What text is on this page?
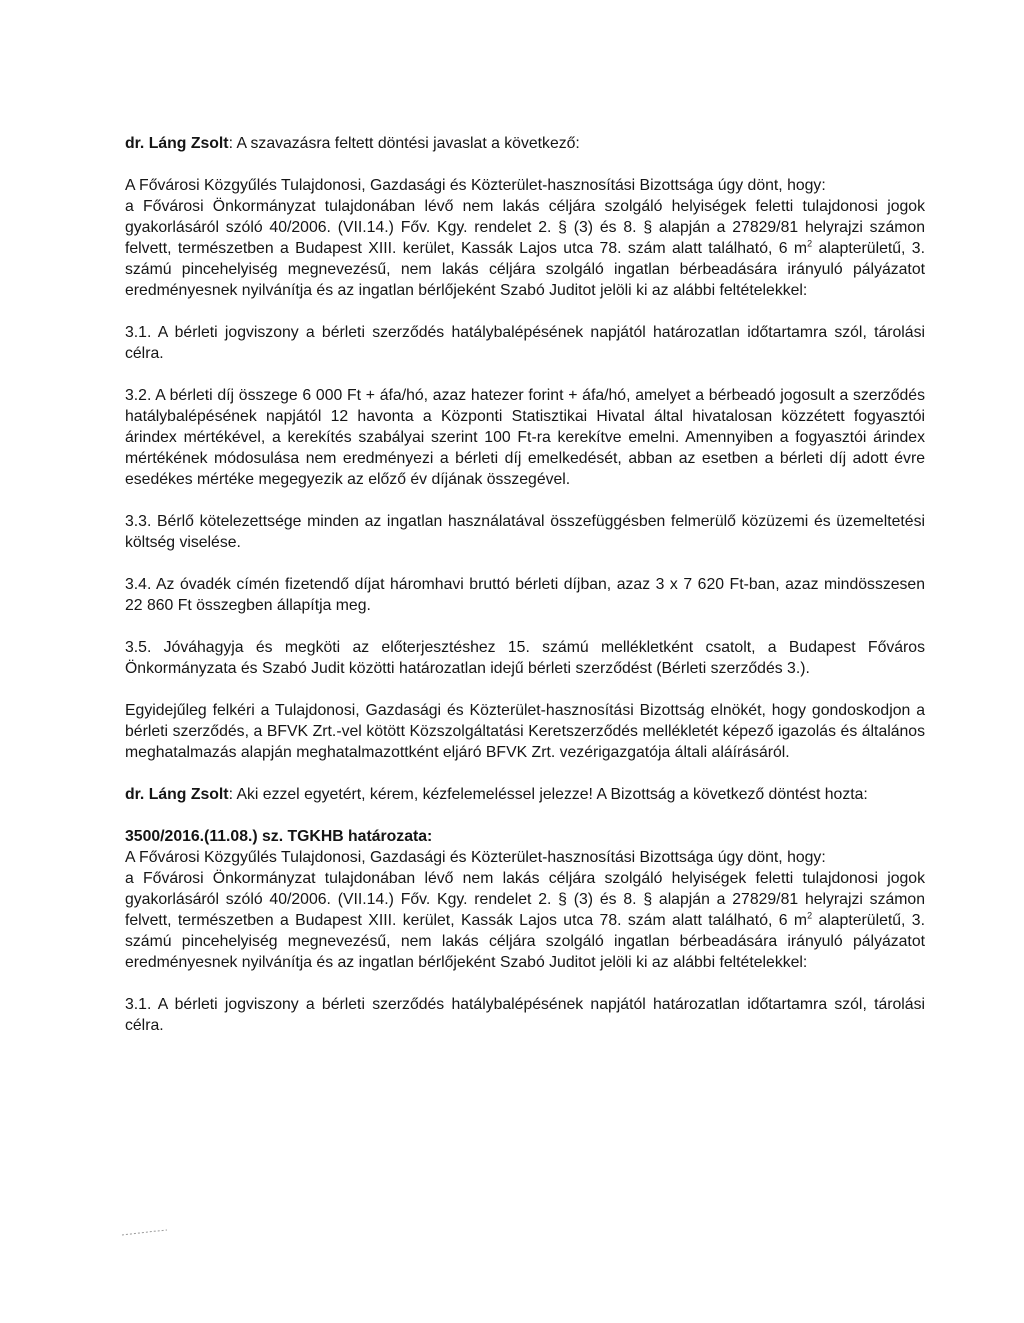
dr. Láng Zsolt: A szavazásra feltett döntési javaslat a következő:

A Fővárosi Közgyűlés Tulajdonosi, Gazdasági és Közterület-hasznosítási Bizottsága úgy dönt, hogy:

a Fővárosi Önkormányzat tulajdonában lévő nem lakás céljára szolgáló helyiségek feletti tulajdonosi jogok gyakorlásáról szóló 40/2006. (VII.14.) Főv. Kgy. rendelet 2. § (3) és 8. § alapján a 27829/81 helyrajzi számon felvett, természetben a Budapest XIII. kerület, Kassák Lajos utca 78. szám alatt található, 6 $m^2$ alapterületű, 3. számú pincehelyiség megnevezésű, nem lakás céljára szolgáló ingatlan bérbeadására irányuló pályázatot eredményesnek nyilvánítja és az ingatlan bérlőjeként Szabó Juditot jelöli ki az alábbi feltételekkel:

3.1. A bérleti jogviszony a bérleti szerződés hatálybalépésének napjától határozatlan időtartamra szól, tárolási célra.

3.2. A bérleti díj összege 6 000 Ft + áfa/hó, azaz hatezer forint + áfa/hó, amelyet a bérbeadó jogosult a szerződés hatálybalépésének napjától 12 havonta a Központi Statisztikai Hivatal által hivatalosan közzétett fogyasztói árindex mértékével, a kerekítés szabályai szerint 100 Ft-ra kerekítve emelni. Amennyiben a fogyasztói árindex mértékének módosulása nem eredményezi a bérleti díj emelkedését, abban az esetben a bérleti díj adott évre esedékes mértéke megegyezik az előző év díjának összegével.

3.3. Bérlő kötelezettsége minden az ingatlan használatával összefüggésben felmerülő közüzemi és üzemeltetési költség viselése.

3.4. Az óvadék címén fizetendő díjat háromhavi bruttó bérleti díjban, azaz 3 x 7 620 Ft-ban, azaz mindösszesen 22 860 Ft összegben állapítja meg.

3.5. Jóváhagyja és megköti az előterjesztéshez 15. számú mellékletként csatolt, a Budapest Főváros Önkormányzata és Szabó Judit közötti határozatlan idejű bérleti szerződést (Bérleti szerződés 3.).

Egyidejűleg felkéri a Tulajdonosi, Gazdasági és Közterület-hasznosítási Bizottság elnökét, hogy gondoskodjon a bérleti szerződés, a BFVK Zrt.-vel kötött Közszolgáltatási Keretszerződés mellékletét képező igazolás és általános meghatalmazás alapján meghatalmazottként eljáró BFVK Zrt. vezérigazgatója általi aláírásáról.

dr. Láng Zsolt: Aki ezzel egyetért, kérem, kézfelemeléssel jelezze! A Bizottság a következő döntést hozta:

3500/2016.(11.08.) sz. TGKHB határozata:

A Fővárosi Közgyűlés Tulajdonosi, Gazdasági és Közterület-hasznosítási Bizottsága úgy dönt, hogy:

a Fővárosi Önkormányzat tulajdonában lévő nem lakás céljára szolgáló helyiségek feletti tulajdonosi jogok gyakorlásáról szóló 40/2006. (VII.14.) Főv. Kgy. rendelet 2. § (3) és 8. § alapján a 27829/81 helyrajzi számon felvett, természetben a Budapest XIII. kerület, Kassák Lajos utca 78. szám alatt található, 6 $m^2$ alapterületű, 3. számú pincehelyiség megnevezésű, nem lakás céljára szolgáló ingatlan bérbeadására irányuló pályázatot eredményesnek nyilvánítja és az ingatlan bérlőjeként Szabó Juditot jelöli ki az alábbi feltételekkel:

3.1. A bérleti jogviszony a bérleti szerződés hatálybalépésének napjától határozatlan időtartamra szól, tárolási célra.
